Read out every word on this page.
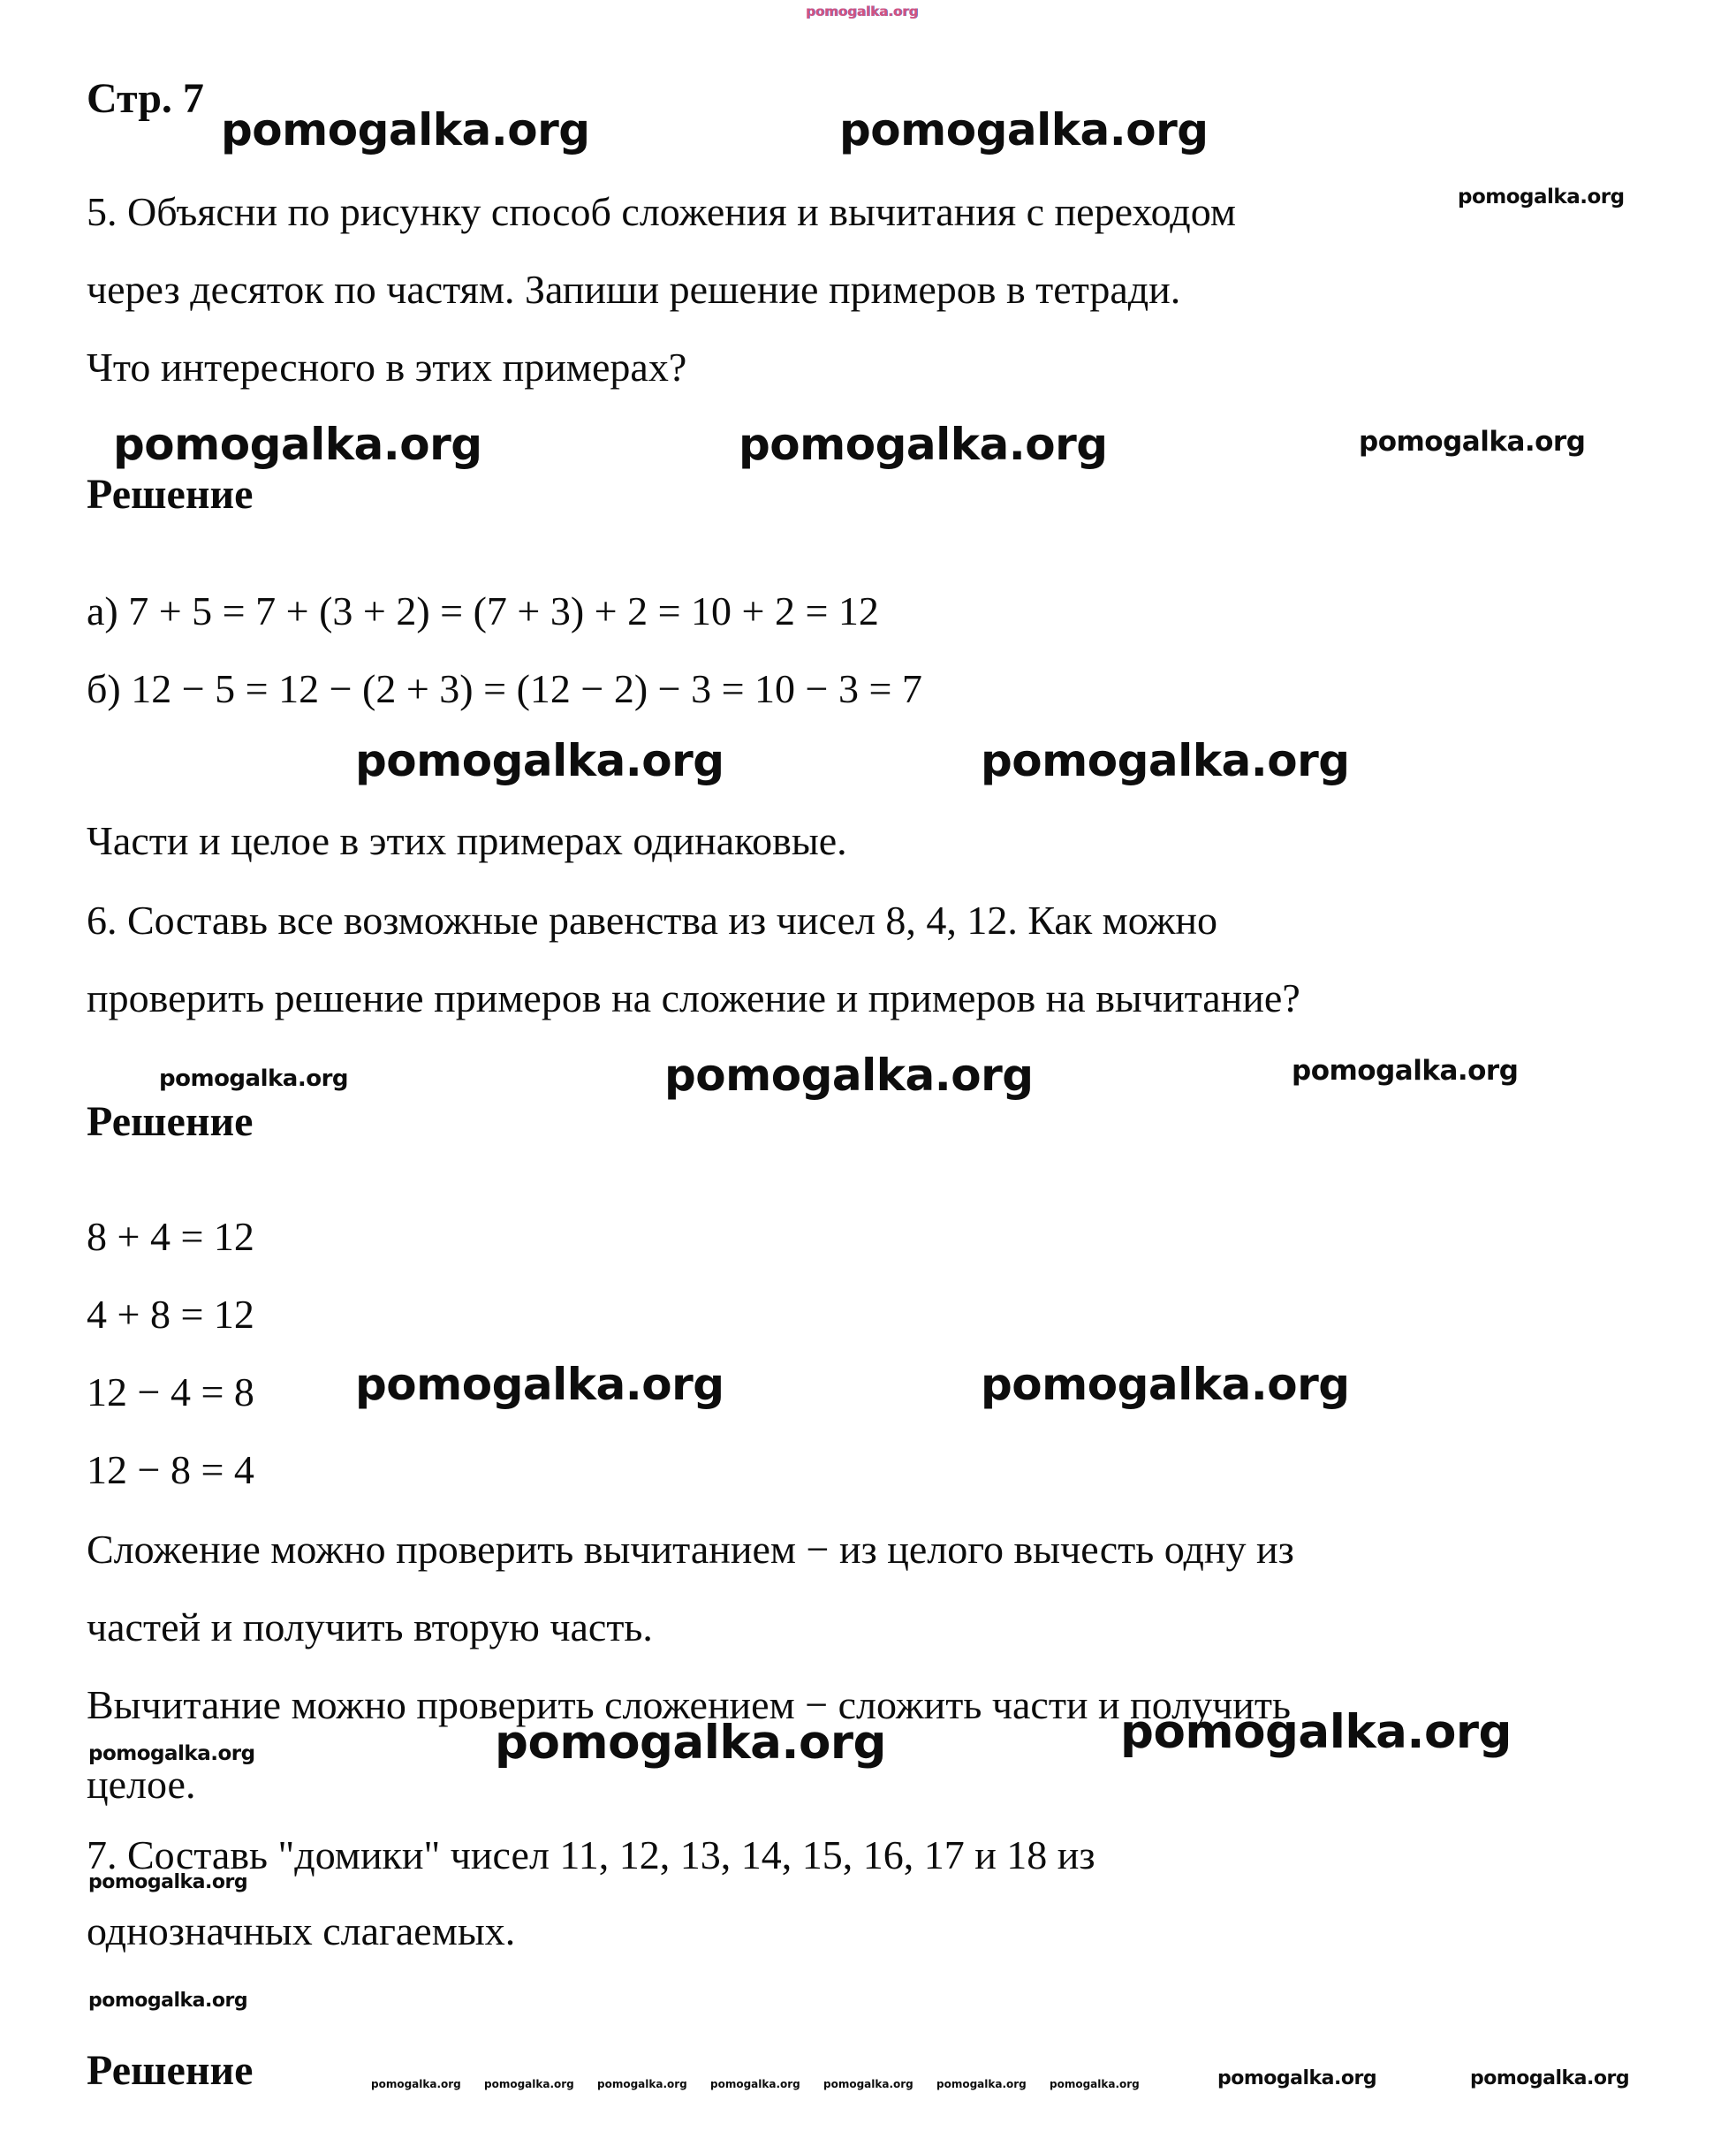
pomogalka.org
Стр. 7
pomogalka.org	pomogalka.org
pomogalka.org
5. Объясни по рисунку способ сложения и вычитания с переходом
через десяток по частям. Запиши решение примеров в тетради.
Что интересного в этих примерах?
pomogalka.org	pomogalka.org	pomogalka.org
Решение
а) 7 + 5 = 7 + (3 + 2) = (7 + 3) + 2 = 10 + 2 = 12
б) 12 − 5 = 12 − (2 + 3) = (12 − 2) − 3 = 10 − 3 = 7
pomogalka.org	pomogalka.org
Части и целое в этих примерах одинаковые.
6. Составь все возможные равенства из чисел 8, 4, 12. Как можно
проверить решение примеров на сложение и примеров на вычитание?
pomogalka.org	pomogalka.org	pomogalka.org
Решение
8 + 4 = 12
4 + 8 = 12
12 − 4 = 8
12 − 8 = 4
pomogalka.org	pomogalka.org
Сложение можно проверить вычитанием − из целого вычесть одну из
частей и получить вторую часть.
Вычитание можно проверить сложением − сложить части и получить
pomogalka.org	pomogalka.org	pomogalka.org
целое.
7. Составь "домики" чисел 11, 12, 13, 14, 15, 16, 17 и 18 из
pomogalka.org
однозначных слагаемых.
pomogalka.org
Решение	pomogalka.org pomogalka.org pomogalka.org pomogalka.org pomogalka.org pomogalka.org pomogalka.org	pomogalka.org	pomogalka.org
